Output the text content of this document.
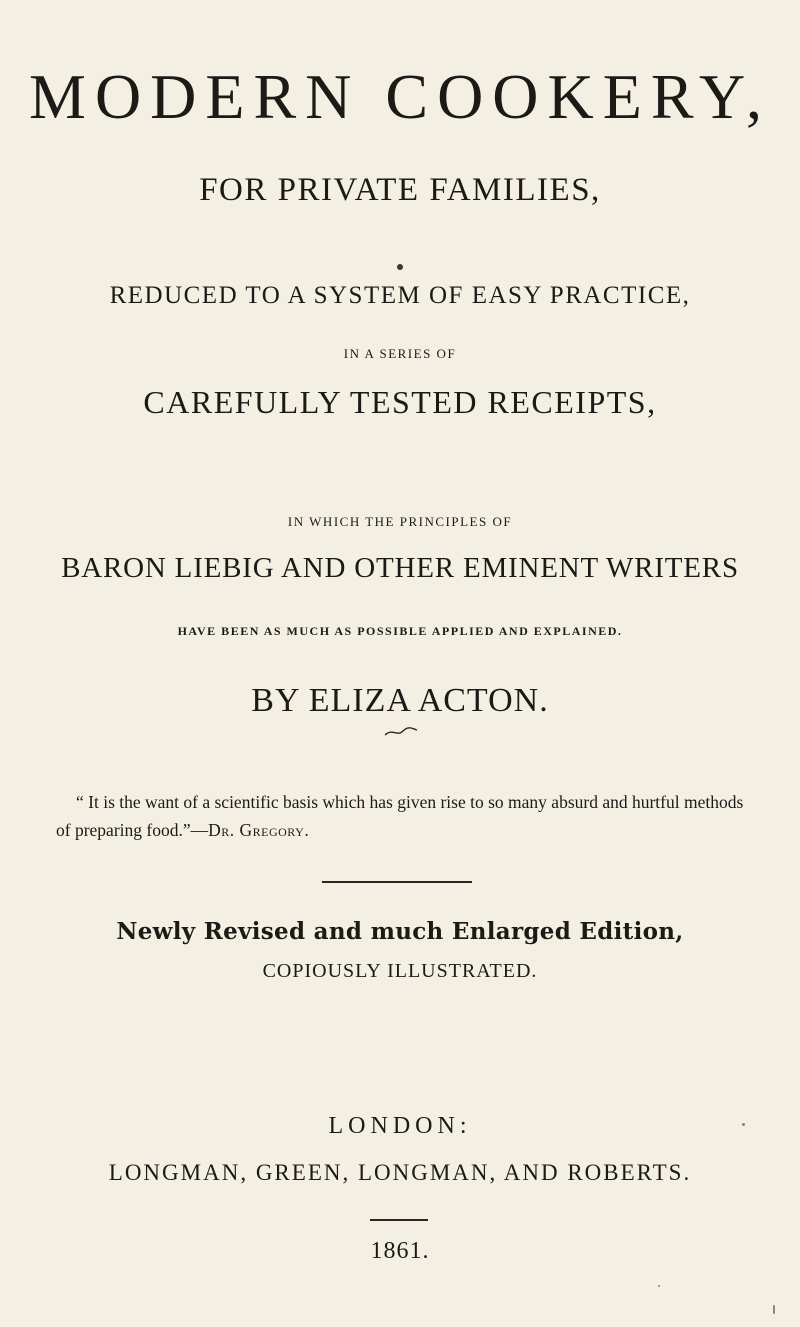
MODERN COOKERY,
FOR PRIVATE FAMILIES,
REDUCED TO A SYSTEM OF EASY PRACTICE,
IN A SERIES OF
CAREFULLY TESTED RECEIPTS,
IN WHICH THE PRINCIPLES OF
BARON LIEBIG AND OTHER EMINENT WRITERS
HAVE BEEN AS MUCH AS POSSIBLE APPLIED AND EXPLAINED.
BY ELIZA ACTON.
“ It is the want of a scientific basis which has given rise to so many absurd and hurtful methods of preparing food.”—Dr. Gregory.
Newly Revised and much Enlarged Edition,
COPIOUSLY ILLUSTRATED.
LONDON:
LONGMAN, GREEN, LONGMAN, AND ROBERTS.
1861.
